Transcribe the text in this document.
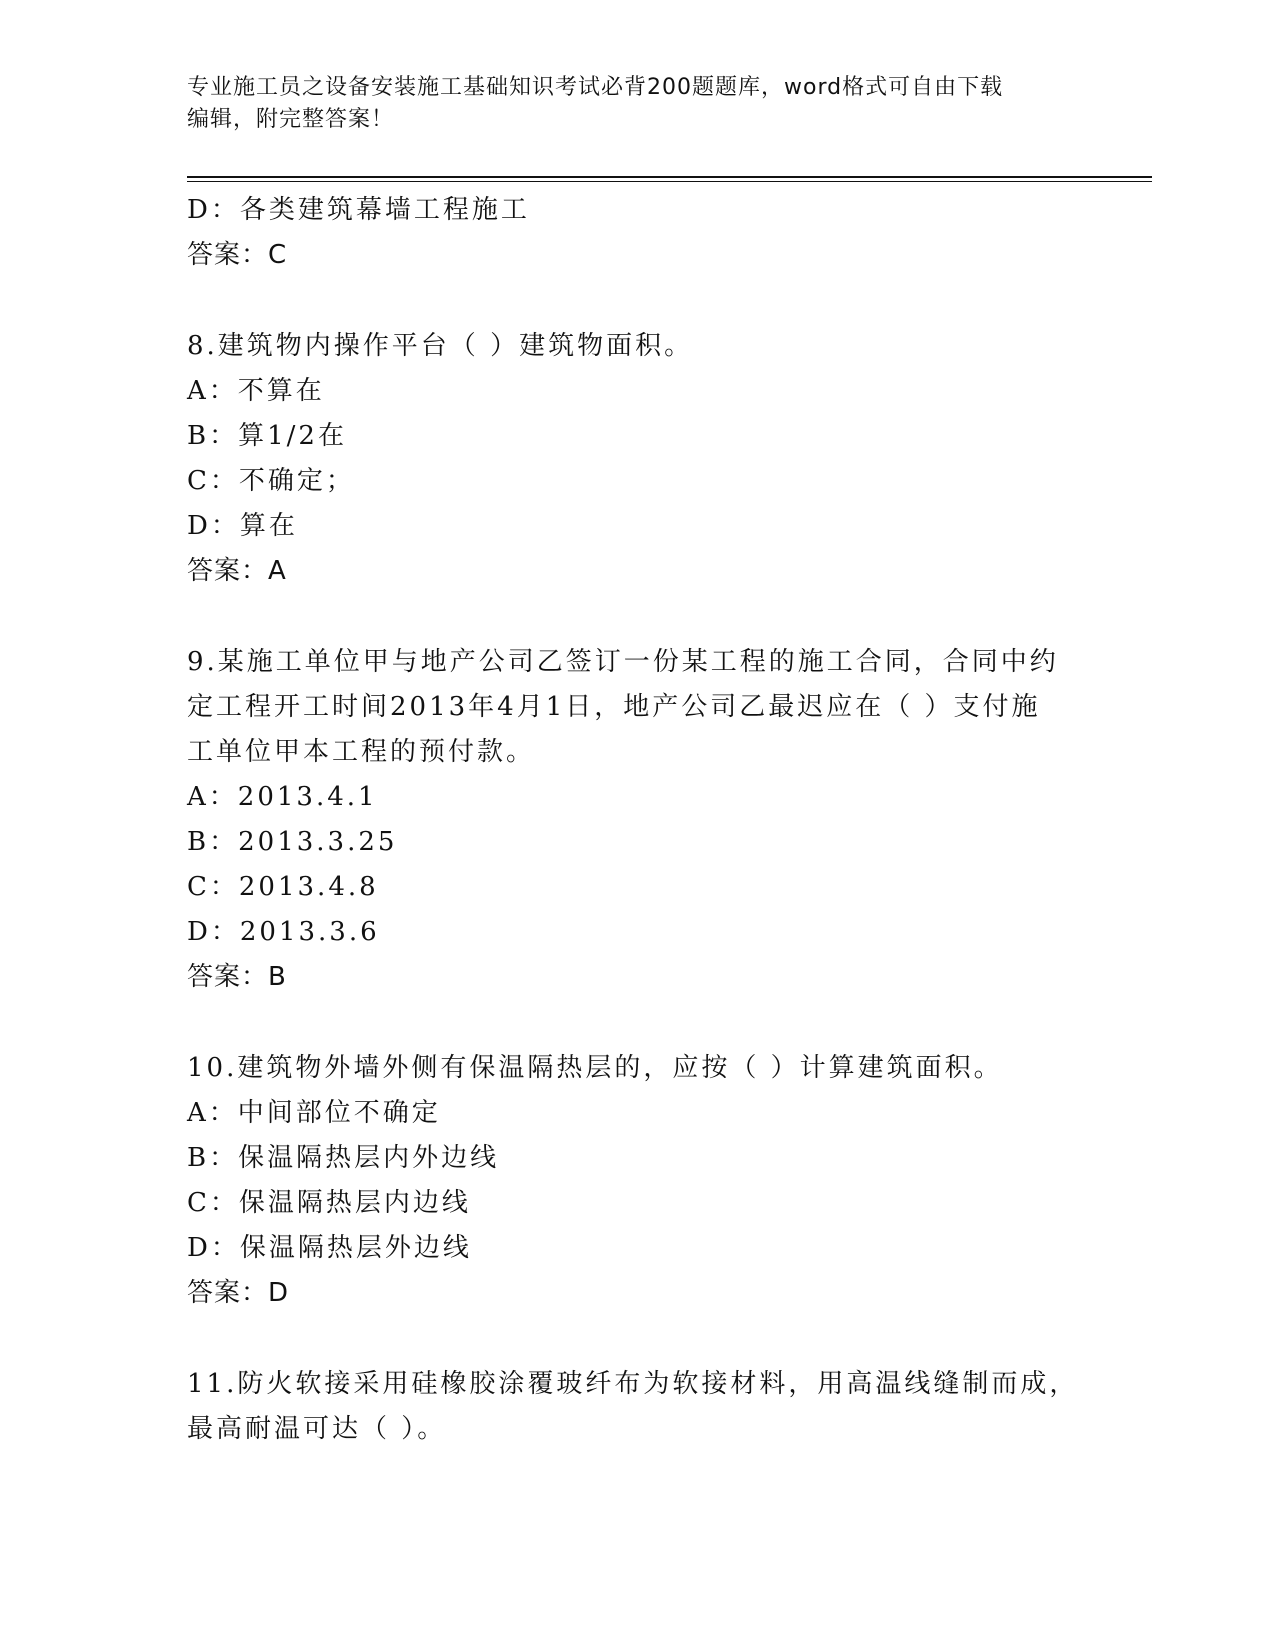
专业施工员之设备安装施工基础知识考试必背200题题库，word格式可自由下载
编辑，附完整答案！
D：各类建筑幕墙工程施工
答案：C
8.建筑物内操作平台（ ）建筑物面积。
A：不算在
B：算1/2在
C：不确定；
D：算在
答案：A
9.某施工单位甲与地产公司乙签订一份某工程的施工合同，合同中约
定工程开工时间2013年4月1日，地产公司乙最迟应在（ ）支付施
工单位甲本工程的预付款。
A：2013.4.1
B：2013.3.25
C：2013.4.8
D：2013.3.6
答案：B
10.建筑物外墙外侧有保温隔热层的，应按（ ）计算建筑面积。
A：中间部位不确定
B：保温隔热层内外边线
C：保温隔热层内边线
D：保温隔热层外边线
答案：D
11.防火软接采用硅橡胶涂覆玻纤布为软接材料，用高温线缝制而成，
最高耐温可达（ ）。
